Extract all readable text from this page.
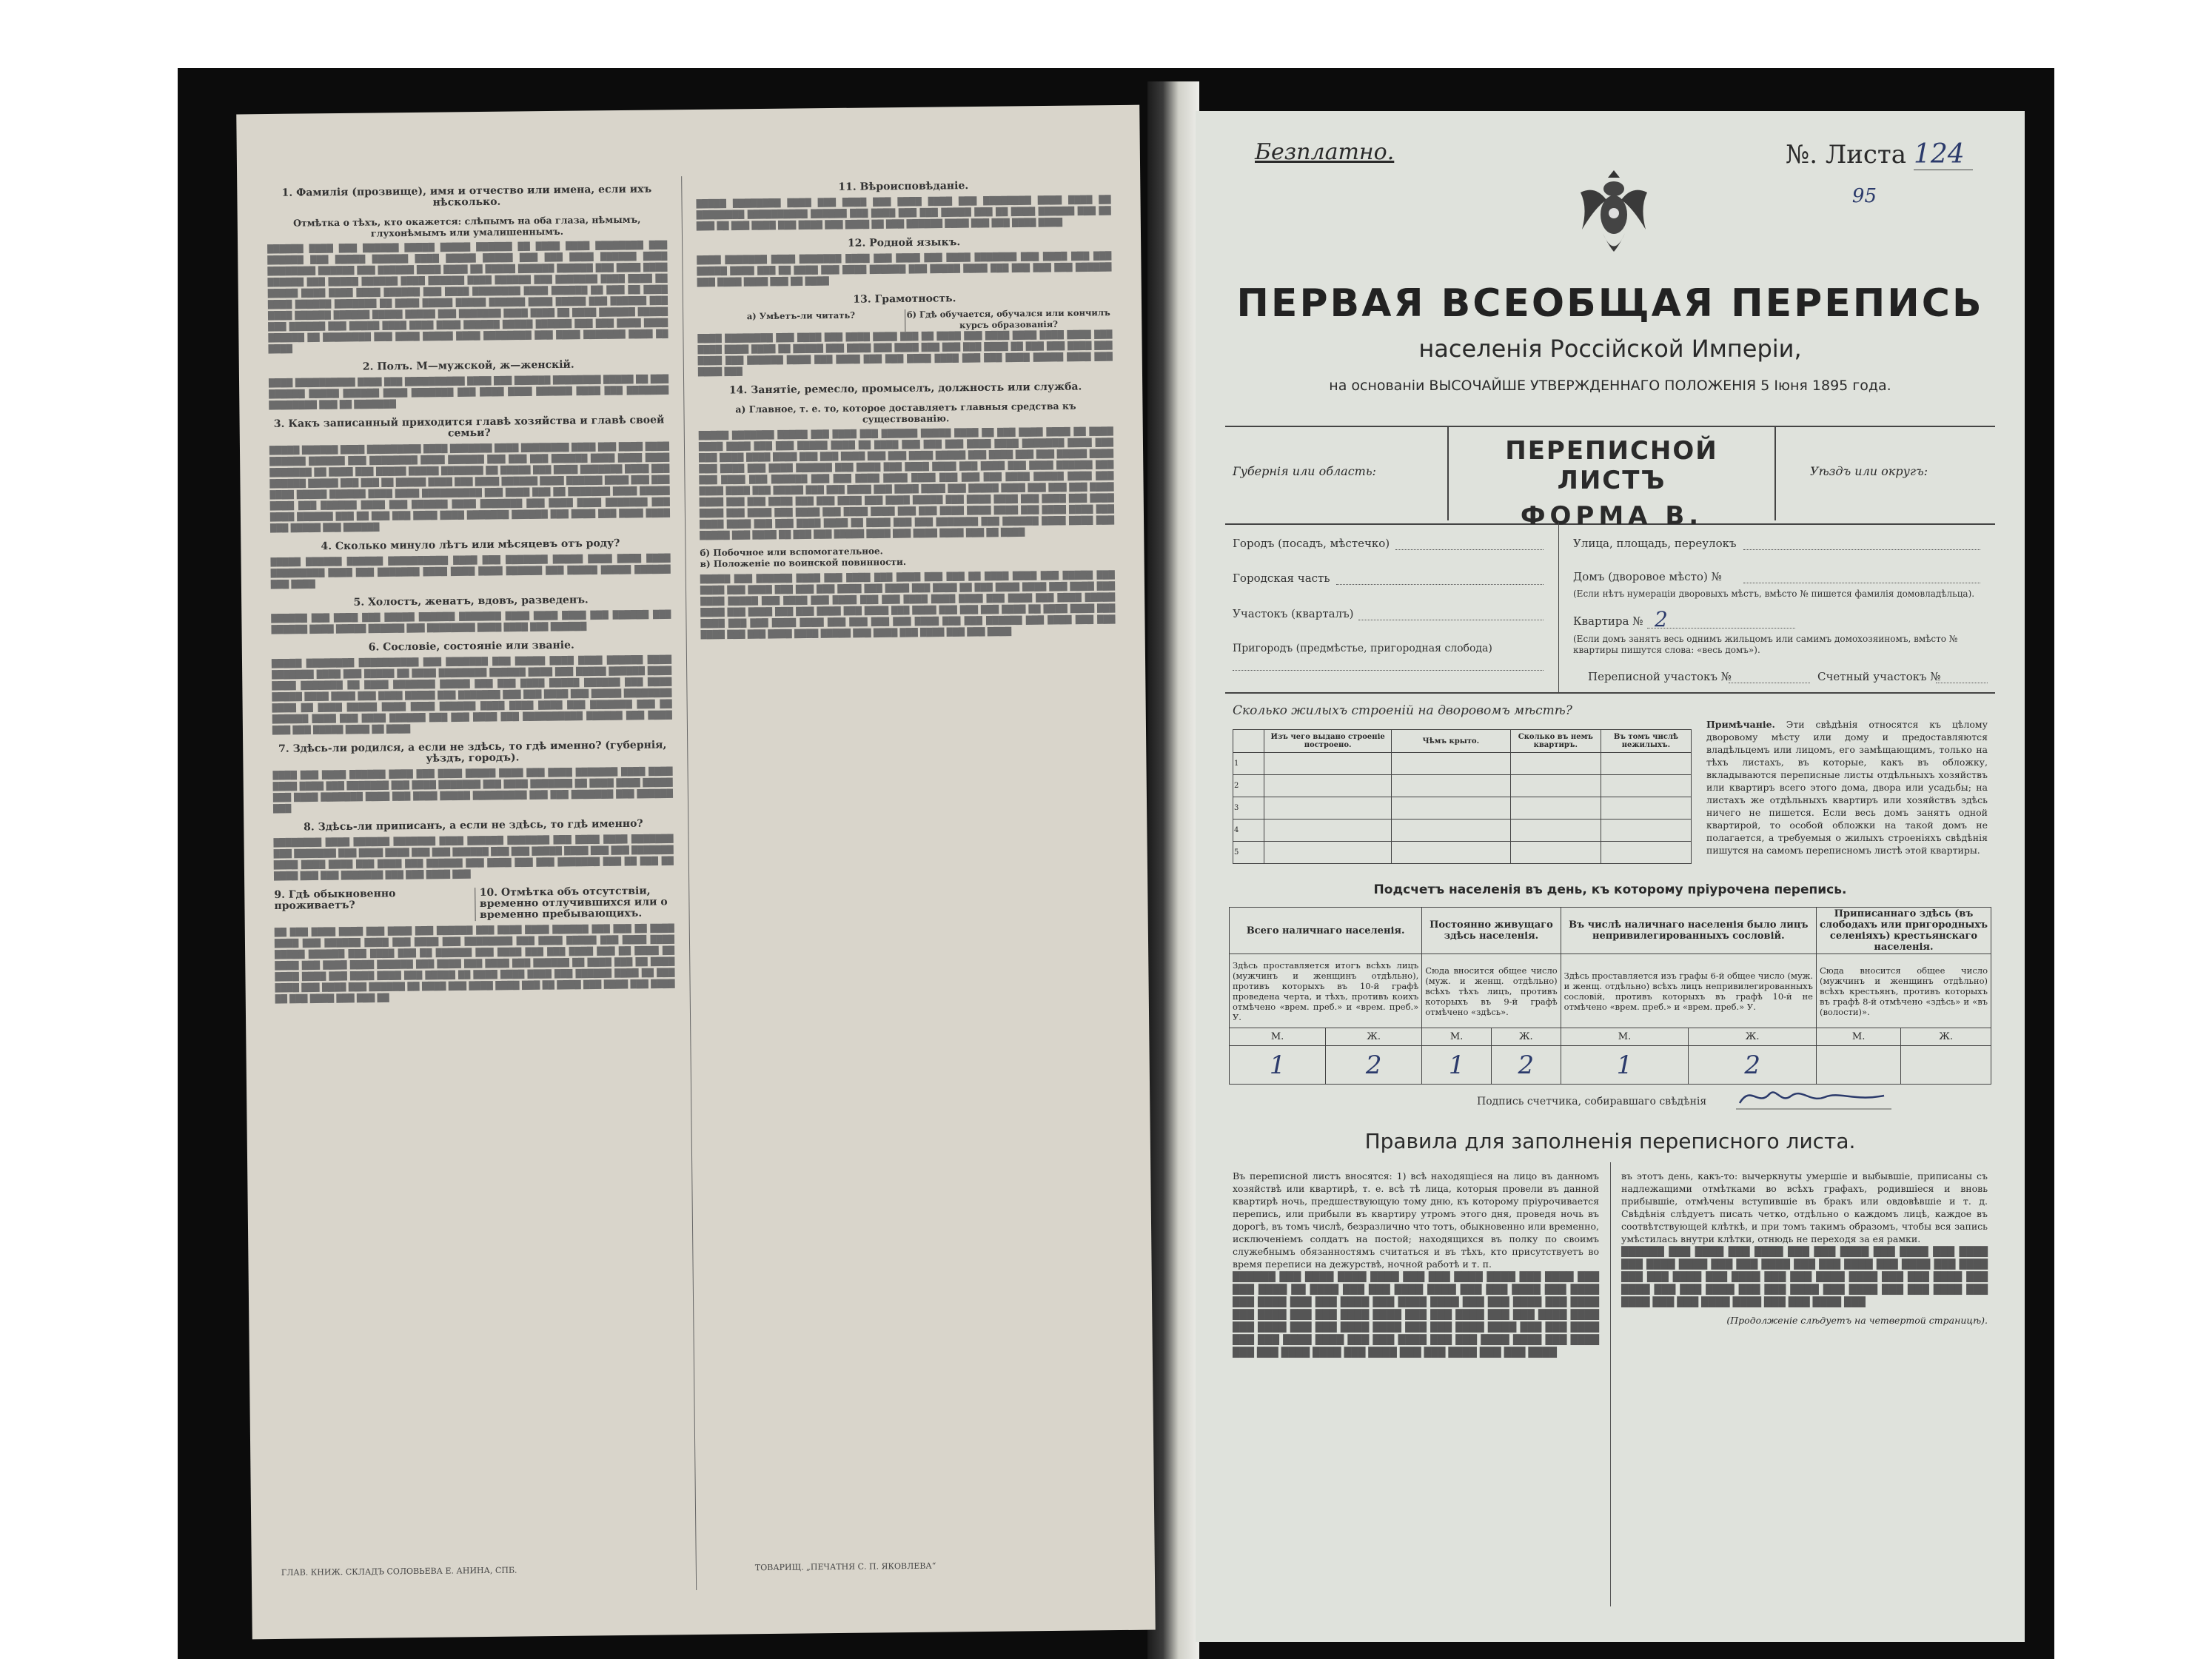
1. Фамилія (прозвище), имя и отчество или имена, если ихъ нѣсколько.
Отмѣтка о тѣхъ, кто окажется: слѣпымъ на оба глаза, нѣмымъ, глухонѣмымъ или умалишеннымъ.
██████ ████ ███ ██████ █████ █████ ██████ ██ ████ ████ ████████ ███ ██████ ███ █████ ██████ ████ █████ █████ ███ ███ ████ ██████ ████ ████████ ██████ ███ ██████ ████ ████ ██ █████ ██████ ██████ ███ ████ ████ ██████ ███ █████ ██████ ████ ██████ ████ ██████ ███ ███████ ████ ████ ██ █████ ████ ████ ████ ██████ ███ ████ ████████ ████ ██████ ██ ███ ██ ████ ████ ██████ ███████ ██ ████ █████ █████ ██████ ████ █████ ███ ██████ ███ ████ ██████ ██████ █████ █████ ███ ███████ ████ ████ ██ ████ ██████ █████ ███ ██████ ███ █████ ████ ████ ████ ██████ █████ ██████ ███ ███ ████ ████ ██████ ██ ████████ ███ ████ █████ ████ ████████ ███ ████ ███████ ████ ██ ████
2. Полъ. М—мужской, ж—женскій.
████ ██████████ ████ ███ ██████████ ████ ███ ██████ ████████ █████ ██ ███ ██████ █████ ██████ ████ ███████ ███ ████ ████ ██████ ████ ███ ███████ ████████ ███ ██ ███████
3. Какъ записанный приходится главѣ хозяйства и главѣ своей семьи?
█████ ██████ ████ █████████ ████ ███████ ████ ████████ ████ ███ ████ ████ ██████ ██████ ███ ████████ ████ ██████ ███ ███ ███ ██████ ████ ████ ████ ███████ ██ ████ ███ █████ █████ ███████ ██ █████ ███ ████ ███████ ████ ███ ██████ █████ ███ ███ ██ █████ ████ ███ ████ ██████ ████ ██████ ████ ███ ███ ████ █████ ██████ ████ ████ ██████████ ███ ████ ███ ██ ███████ ████ █████ ████ ███ ██████ ████ ███ ██████ ████ ███████ ███ ████ ████ ███████ ███ ████ ██████ ███ ██ ███ ███ ████ ████ ███████ ██████ ███ ████ ███ ████ ████ ███ █████ ███ ██████
4. Сколько минуло лѣтъ или мѣсяцевъ отъ роду?
█████ ██████ ██████ ██████████ ████ ███ ███████ █████ ████ ████ ████ █████████ ████ ███ ███████ ████ ████ ████ ██████ ███ █████ █████ ██████ ███ ████
5. Холостъ, женатъ, вдовъ, разведенъ.
██████ ███ ████ ███ █████ ██████ ███████ ████ ████ ████ ███ ██████ ███ ██████ ████ █████ ██████ ███ ████████ ████ ████ ███ ██████
6. Сословіе, состояніе или званіе.
█████ ████████ ██████████ ███ ███████ ███ █████ ████ ████ ██████ ████ ███████ ████ ███ █████ ██ ████ ████████ ██████ ████ ███ █████ ██████ ████ ████ ███████ ██ ████ ███████ █████ ███ ███ ████ █████ ██████ ███ ████ █████ ████ ████ ███ ████ █████ ███ ███████ ███ ███ ████ ███ █████ ████████ ████ ██ ████ █████ ████ ████ ██████ ████ ████ ████ ███ ███████ ███ ██ ██████ ████ ███ ████ ██████ ███ ███ ████ ███ ██████████ ██████ ███ ████ ███ ███ █████ ████ ██ ████
7. Здѣсь-ли родился, а если не здѣсь, то гдѣ именно? (губернія, уѣздъ, городъ).
████ ███ ████ ██████ ████ ███ ████ █████ ████ ███ ████ ███████ ████ ████ ████ ████ ███ ███████ ███ ████ ███████ ███ ████ ███████ ██ ████ ████ █████ ███ ████ ███████ ████ ███ ████ █████ █████████ ███ ███ ███████ ███ ██████ ███
8. Здѣсь-ли приписанъ, а если не здѣсь, то гдѣ именно?
████████ ████ ██████ ███████ ████ ██████ ███████ ███ ████ ████ ███████ ███ ███████ ███ ████ ████ ███ ███ ██████ ███ ███ █████ ████ ███ ███ ███████ ████ ████ ████ ███ ████ ███ ██████ ███ ████ ███ ███ ███████ ███ ██ ███ ██ ████ ███ ███ ███████ ███ ███ ████ ███
9. Гдѣ обыкновенно проживаетъ?
10. Отмѣтка объ отсутствіи, временно отлучившихся или о временно пребывающихъ.
██ ███ ████ ████ ███ ████ ███ ██████ ███ ████ ████ ██████ ███ ███ ██ ████ ████ ███ ██████ ████ ███ ████ ███ ████████ ███ ████ █████ ███ ████ ████ █████ ██████ ███ ████ ███ ██ ██████ ███ ████ ███ ███ ████ ███ ██ ████ ██ ████ ███ ████ ████ ██████ ███ ████ ███ ████ ███ ██████ ██ ████ ███ ██ ████ ████ ████ ███ ████ ████ ███ █████ ██ ████ ████ ████ ███ ██████ ████ ██ ███ ████ ███ ████ ███ ██████ ██ ████ ███ ████ ████ ███ ██ ████ ███ ████ ███ ████ ██ ███ ████ ███ ███ ██
ГЛАВ. КНИЖ. СКЛАДЪ СОЛОВЬЕВА Е. АНИНА, СПБ.
11. Вѣроисповѣданіе.
█████ ████████ ████ ███ ████ ███ ████ ████ ███ ████████ ████ ████ ██ ████████ ██████████ ██████ ███ ████ ███ ███ █████ ███ ██ ████ ██████ ███ ██ ███ ██ ███ ████ ███ ████ ███ ████ ██ ███ ██████ ████ ███ ███ ████ ████
12. Родной языкъ.
████ ███████ ████ ███████ ████ ███ ████ ███ ████ ███████ ███ ████ ███ ███ █████ ████ ███ ██ ████ ███ ████ ██████ ███ █████ ████ ███ ███ ███ ███ ██████ ███ ████ ████ ███ ██ ████
13. Грамотность.
а) Умѣетъ-ли читать?	б) Гдѣ обучается, обучался или кончилъ курсъ образованія?
████ ████████ ███ ████ ███ ████ ████ ███ ██ ████ ███ ████ ████ ████ ████ ███ ████ ████ ████ ██ █████ ███ ████ ███ ████ ███ ███ ███ ████ ██ ███ ███ ████ ███ ████ ███ ██████ ████ ███ ████ ███ ███ ████ ████ ███ ███ ████ █████ ████ ███ ████ ███
14. Занятіе, ремесло, промыселъ, должность или служба.
а) Главное, т. е. то, которое доставляетъ главныя средства къ существованію.
█████ ███████ █████ ███ ████ ███ ██████ █████ ████ ██ ███ ████ ████ ██ ████ ████ ████ ███ ███ █████ ████ ██ ████ ███ ███ ███ ████ ████ ███████ ████ ███ ███ ████ ████ ████ ███ ███ ████ ███ ███ ████ █████ ███ ████ ███ ███ █████ ████ ███ ████ ███ ████ ██████ ███ ████ ███ ████ ████ ███ ████ ███ ████ ██████ ███ ███ ████ ███ ██████ ███ ███ ████ ████ ████ ███ ███ ███ ████ █████ ████ ███ ████ ████ ███ █████ ███ ███ ████ ███ ████ ████ ███ █████ ████ ███ ███ ███ ████ ████ ███ ███ ████ ███ ███ ████ ███ ████ █████ ███ ████ ████ ███ ████ ███ ████ ████ ███ ████ ███ ████ ███ ████ ████ ███ ███ ████ ████ ████ ███ ████ ████ ███ ████ ████ ███ ███ ████ ████ ██ ████ ███ ███ ███████ ███ ██████ ████ ████ ███ █████ ███ ████ ██ ███ ███ █████ ████ ███ ████ ████ ███ ██ ████
б) Побочное или вспомогательное.
в) Положеніе по воинской повинности.
█████ ███ ██████ ████ ███ ████ ███ ████ ███ ███ ██ ████ ████ ███ █████ ███ ████ ███ ████ ███ ███ ███ ████ ███ ████ ███ ████ ██ ███ ████ ████ ███ ████ ███ ████ █████ ███ ████ ███ ████ ███ ███ ████ ████ ████ ███ ████ ███ ████ █████ ████ ███ ████ ███ ███ ████ ███ ████ ███ ████ ███ ███ ███ ████ ██ ████ ████ ███ ████ ███ ███ ████ ████ ███ ███ ███ ███ ████ ███ ███ ██████ ███ ████ ███ ███ ████ ███ ███ ████ ████ █████ ███ ████ ███ ████ ███ ███ ████
ТОВАРИЩ. „ПЕЧАТНЯ С. П. ЯКОВЛЕВА“
Безплатно.	№. Листа 124
95
ПЕРВАЯ ВСЕОБЩАЯ ПЕРЕПИСЬ
населенія Россійской Имперіи,
на основаніи ВЫСОЧАЙШЕ УТВЕРЖДЕННАГО ПОЛОЖЕНІЯ 5 Іюня 1895 года.
Губернія или область:
ПЕРЕПИСНОЙ ЛИСТЪ
ФОРМА В.
Уѣздъ или округъ:
Городъ (посадъ, мѣстечко)
Городская часть
Участокъ (кварталъ)
Пригородъ (предмѣстье, пригородная слобода)
Улица, площадь, переулокъ
Домъ (дворовое мѣсто) №
(Если нѣтъ нумераціи дворовыхъ мѣстъ, вмѣсто № пишется фамилія домовладѣльца).
Квартира № 2
(Если домъ занятъ весь однимъ жильцомъ или самимъ домохозяиномъ, вмѣсто № квартиры пишутся слова: «весь домъ»).
Переписной участокъ №	Счетный участокъ №
Сколько жилыхъ строеній на дворовомъ мѣстѣ?
	Изъ чего выдано строеніе построено.	Чѣмъ крыто.	Сколько въ немъ квартиръ.	Въ томъ числѣ нежилыхъ.
1				
2				
3				
4				
5				
Примѣчаніе. Эти свѣдѣнія относятся къ цѣлому дворовому мѣсту или дому и предоставляются владѣльцемъ или лицомъ, его замѣщающимъ, только на тѣхъ листахъ, въ которые, какъ въ обложку, вкладываются переписные листы отдѣльныхъ хозяйствъ или квартиръ всего этого дома, двора или усадьбы; на листахъ же отдѣльныхъ квартиръ или хозяйствъ здѣсь ничего не пишется. Если весь домъ занятъ одной квартирой, то особой обложки на такой домъ не полагается, а требуемыя о жилыхъ строеніяхъ свѣдѣнія пишутся на самомъ переписномъ листѣ этой квартиры.
Подсчетъ населенія въ день, къ которому пріурочена перепись.
Всего наличнаго населенія.		Постоянно живущаго здѣсь населенія.		Въ числѣ наличнаго населенія было лицъ непривилегированныхъ сословій.		Приписаннаго здѣсь (въ слободахъ или пригородныхъ селеніяхъ) крестьянскаго населенія.	
Здѣсь проставляется итогъ всѣхъ лицъ (мужчинъ и женщинъ отдѣльно), противъ которыхъ въ 10-й графѣ проведена черта, и тѣхъ, противъ коихъ отмѣчено «врем. преб.» и «врем. преб.» У.		Сюда вносится общее число (муж. и женщ. отдѣльно) всѣхъ тѣхъ лицъ, противъ которыхъ въ 9-й графѣ отмѣчено «здѣсь».		Здѣсь проставляется изъ графы 6-й общее число (муж. и женщ. отдѣльно) всѣхъ лицъ непривилегированныхъ сословій, противъ которыхъ въ графѣ 10-й не отмѣчено «врем. преб.» и «врем. преб.» У.		Сюда вносится общее число (мужчинъ и женщинъ отдѣльно) всѣхъ крестьянъ, противъ которыхъ въ графѣ 8-й отмѣчено «здѣсь» и «въ (волости)».	
М.	Ж.	М.	Ж.	М.	Ж.	М.	Ж.
1	2	1	2	1	2		
Подпись счетчика, собиравшаго свѣдѣнія
Правила для заполненія переписного листа.
Въ переписной листъ вносятся: 1) всѣ находящіеся на лицо въ данномъ хозяйствѣ или квартирѣ, т. е. всѣ тѣ лица, которыя провели въ данной квартирѣ ночь, предшествующую тому дню, къ которому пріурочивается перепись, или прибыли въ квартиру утромъ этого дня, проведя ночь въ дорогѣ, въ томъ числѣ, безразлично что тотъ, обыкновенно или временно, исключеніемъ солдатъ на постой; находящихся въ полку по своимъ служебнымъ обязанностямъ считаться и въ тѣхъ, кто присутствуетъ во время переписи на дежурствѣ, ночной работѣ и т. п.
██████ ███ ████ ████ ████ ███ ███ ████ ████ ███ ████ ███ ███ ████ ██ ████ ███ ███ ████ ████ ███ ███ ████ ███ ████ ███ ████ ███ ███ ████ ███ ████ ████ ███ ███ ████ ███ ████ ███ ████ ███ ███ ████ ████ ███ ███ ████ ███ ███ ████ ████ ███ ████ ███ ███ ████ ████ ███ ███ ████ ████ ███ ███ ████ ███ ███ ████ ████ ███ ███ ████ ███ ███ ████ ████ ███ ████ ███ ███ ████ ████ ███ ████ ███ ███ ████ ███ ███ ████
въ этотъ день, какъ-то: вычеркнуты умершіе и выбывшіе, приписаны съ надлежащими отмѣтками во всѣхъ графахъ, родившіеся и вновь прибывшіе, отмѣчены вступившіе въ бракъ или овдовѣвшіе и т. д. Свѣдѣнія слѣдуетъ писать четко, отдѣльно о каждомъ лицѣ, каждое въ соотвѣтствующей клѣткѣ, и при томъ такимъ образомъ, чтобы вся запись умѣстилась внутри клѣтки, отнюдь не переходя за ея рамки.
██████ ███ ████ ███ ████ ███ ███ ████ ███ ████ ███ ████ ███ ████ ████ ███ ███ ████ ███ ███ ████ ███ ████ ███ ████ ███ ███ ████ ███ ████ ███ ███ ████ ████ ███ ███ ████ ███ ████ ███ ███ ████ ███ ███ ████ ███ ████ ███ ███ ████ ███ ████ ███ ███ ████ ████ ███ ███ ████ ███
(Продолженіе слѣдуетъ на четвертой страницѣ).
